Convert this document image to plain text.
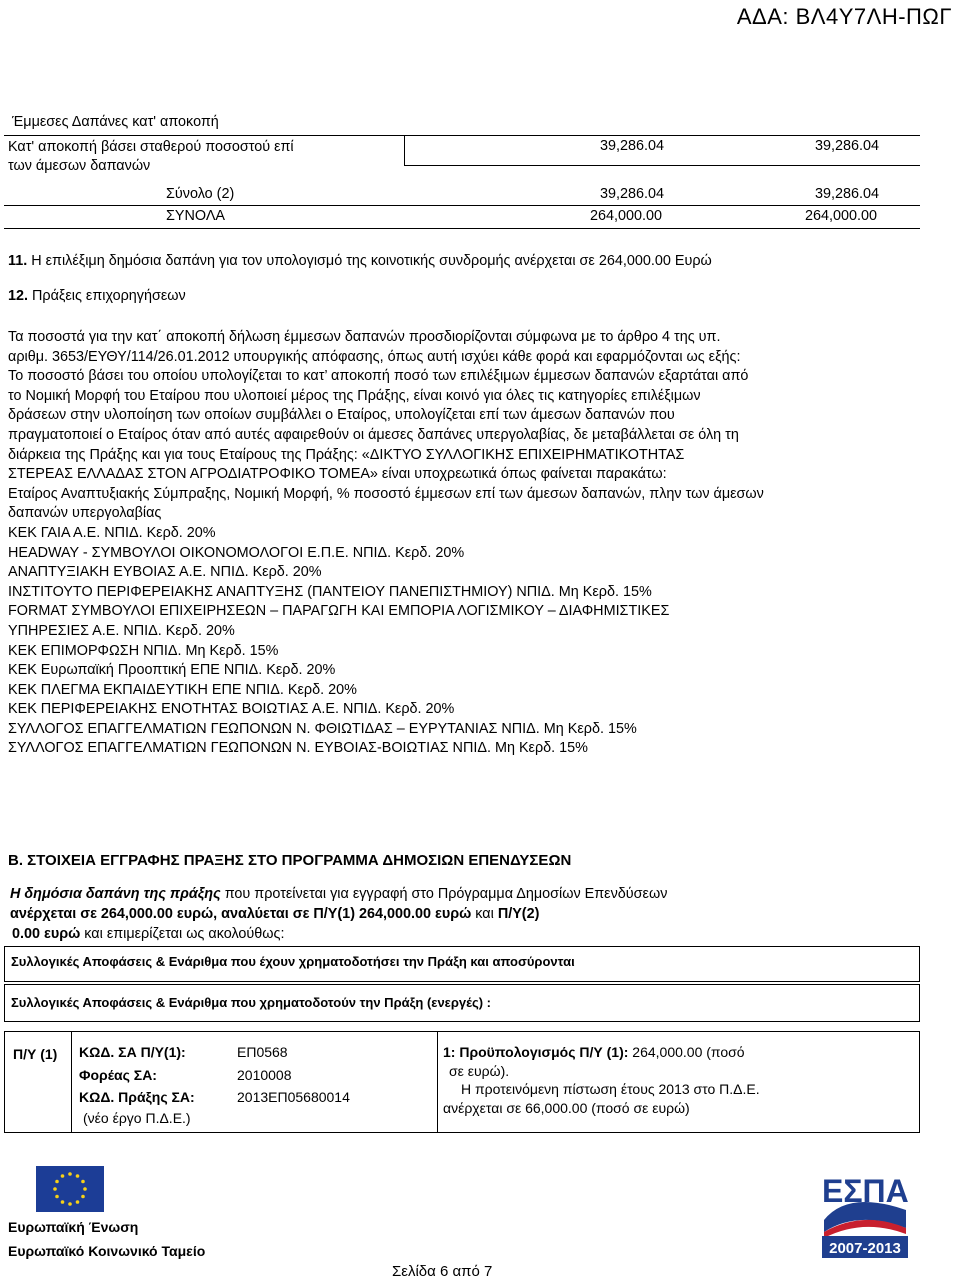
ΑΔΑ: ΒΛ4Υ7ΛΗ-ΠΩΓ
Έμμεσες Δαπάνες κατ' αποκοπή
Κατ' αποκοπή βάσει σταθερού ποσοστού επί
των άμεσων δαπανών
39,286.04	39,286.04
Σύνολο (2)	39,286.04	39,286.04
ΣΥΝΟΛΑ	264,000.00	264,000.00
11. Η επιλέξιμη δημόσια δαπάνη για τον υπολογισμό της κοινοτικής συνδρομής ανέρχεται σε 264,000.00 Ευρώ
12. Πράξεις επιχορηγήσεων
Τα ποσοστά για την κατ΄ αποκοπή δήλωση έμμεσων δαπανών προσδιορίζονται σύμφωνα με το άρθρο 4 της υπ.
αριθμ. 3653/ΕΥΘΥ/114/26.01.2012 υπουργικής απόφασης, όπως αυτή ισχύει κάθε φορά και εφαρμόζονται ως εξής:
Το ποσοστό βάσει του οποίου υπολογίζεται το κατ’ αποκοπή ποσό των επιλέξιμων έμμεσων δαπανών εξαρτάται από
το Νομική Μορφή του Εταίρου που υλοποιεί μέρος της Πράξης, είναι κοινό για όλες τις κατηγορίες επιλέξιμων
δράσεων στην υλοποίηση των οποίων συμβάλλει ο Εταίρος, υπολογίζεται επί των άμεσων δαπανών που
πραγματοποιεί ο Εταίρος όταν από αυτές αφαιρεθούν οι άμεσες δαπάνες υπεργολαβίας, δε μεταβάλλεται σε όλη τη
διάρκεια της Πράξης και για τους Εταίρους της Πράξης: «ΔΙΚΤΥΟ ΣΥΛΛΟΓΙΚΗΣ ΕΠΙΧΕΙΡΗΜΑΤΙΚΟΤΗΤΑΣ
ΣΤΕΡΕΑΣ ΕΛΛΑΔΑΣ ΣΤΟΝ ΑΓΡΟΔΙΑΤΡΟΦΙΚΟ ΤΟΜΕΑ» είναι υποχρεωτικά όπως φαίνεται παρακάτω:
Εταίρος Αναπτυξιακής Σύμπραξης, Νομική Μορφή, % ποσοστό έμμεσων επί των άμεσων δαπανών, πλην των άμεσων
δαπανών υπεργολαβίας
ΚΕΚ ΓΑΙΑ Α.Ε. ΝΠΙΔ. Κερδ. 20%
HEADWAY - ΣΥΜΒΟΥΛΟΙ ΟΙΚΟΝΟΜΟΛΟΓΟΙ Ε.Π.Ε. ΝΠΙΔ. Κερδ. 20%
ΑΝΑΠΤΥΞΙΑΚΗ ΕΥΒΟΙΑΣ Α.Ε. ΝΠΙΔ. Κερδ. 20%
ΙΝΣΤΙΤΟΥΤΟ ΠΕΡΙΦΕΡΕΙΑΚΗΣ ΑΝΑΠΤΥΞΗΣ (ΠΑΝΤΕΙΟΥ ΠΑΝΕΠΙΣΤΗΜΙΟΥ) ΝΠΙΔ. Μη Κερδ. 15%
FORMAT ΣΥΜΒΟΥΛΟΙ ΕΠΙΧΕΙΡΗΣΕΩΝ – ΠΑΡΑΓΩΓΗ ΚΑΙ ΕΜΠΟΡΙΑ ΛΟΓΙΣΜΙΚΟΥ – ΔΙΑΦΗΜΙΣΤΙΚΕΣ
ΥΠΗΡΕΣΙΕΣ Α.Ε. ΝΠΙΔ. Κερδ. 20%
ΚΕΚ ΕΠΙΜΟΡΦΩΣΗ ΝΠΙΔ. Μη Κερδ. 15%
ΚΕΚ Ευρωπαϊκή Προοπτική ΕΠΕ ΝΠΙΔ. Κερδ. 20%
ΚΕΚ ΠΛΕΓΜΑ ΕΚΠΑΙΔΕΥΤΙΚΗ ΕΠΕ ΝΠΙΔ. Κερδ. 20%
ΚΕΚ ΠΕΡΙΦΕΡΕΙΑΚΗΣ ΕΝΟΤΗΤΑΣ ΒΟΙΩΤΙΑΣ Α.Ε. ΝΠΙΔ. Κερδ. 20%
ΣΥΛΛΟΓΟΣ ΕΠΑΓΓΕΛΜΑΤΙΩΝ ΓΕΩΠΟΝΩΝ Ν. ΦΘΙΩΤΙΔΑΣ – ΕΥΡΥΤΑΝΙΑΣ ΝΠΙΔ. Μη Κερδ. 15%
ΣΥΛΛΟΓΟΣ ΕΠΑΓΓΕΛΜΑΤΙΩΝ ΓΕΩΠΟΝΩΝ Ν. ΕΥΒΟΙΑΣ-ΒΟΙΩΤΙΑΣ ΝΠΙΔ. Μη Κερδ. 15%
Β. ΣΤΟΙΧΕΙΑ ΕΓΓΡΑΦΗΣ ΠΡΑΞΗΣ ΣΤΟ ΠΡΟΓΡΑΜΜΑ ΔΗΜΟΣΙΩΝ ΕΠΕΝΔΥΣΕΩΝ
Η δημόσια δαπάνη της πράξης που προτείνεται για εγγραφή στο Πρόγραμμα Δημοσίων Επενδύσεων
ανέρχεται σε 264,000.00 ευρώ, αναλύεται σε Π/Υ(1) 264,000.00 ευρώ και Π/Υ(2)
0.00 ευρώ και επιμερίζεται ως ακολούθως:
Συλλογικές Αποφάσεις & Ενάριθμα που έχουν χρηματοδοτήσει την Πράξη και αποσύρονται
Συλλογικές Αποφάσεις & Ενάριθμα που χρηματοδοτούν την Πράξη (ενεργές) :
Π/Υ (1) ΚΩΔ. ΣΑ Π/Υ(1):	ΕΠ0568
Φορέας ΣΑ:	2010008
ΚΩΔ. Πράξης ΣΑ:	2013ΕΠ05680014
(νέο έργο Π.Δ.Ε.)
1: Προϋπολογισμός Π/Υ (1): 264,000.00 (ποσό
σε ευρώ).
Η προτεινόμενη πίστωση έτους 2013 στο Π.Δ.Ε.
ανέρχεται σε 66,000.00 (ποσό σε ευρώ)
Ευρωπαϊκή Ένωση
Ευρωπαϊκό Κοινωνικό Ταμείο
Σελίδα 6 από 7
ΕΣΠΑ
2007-2013
